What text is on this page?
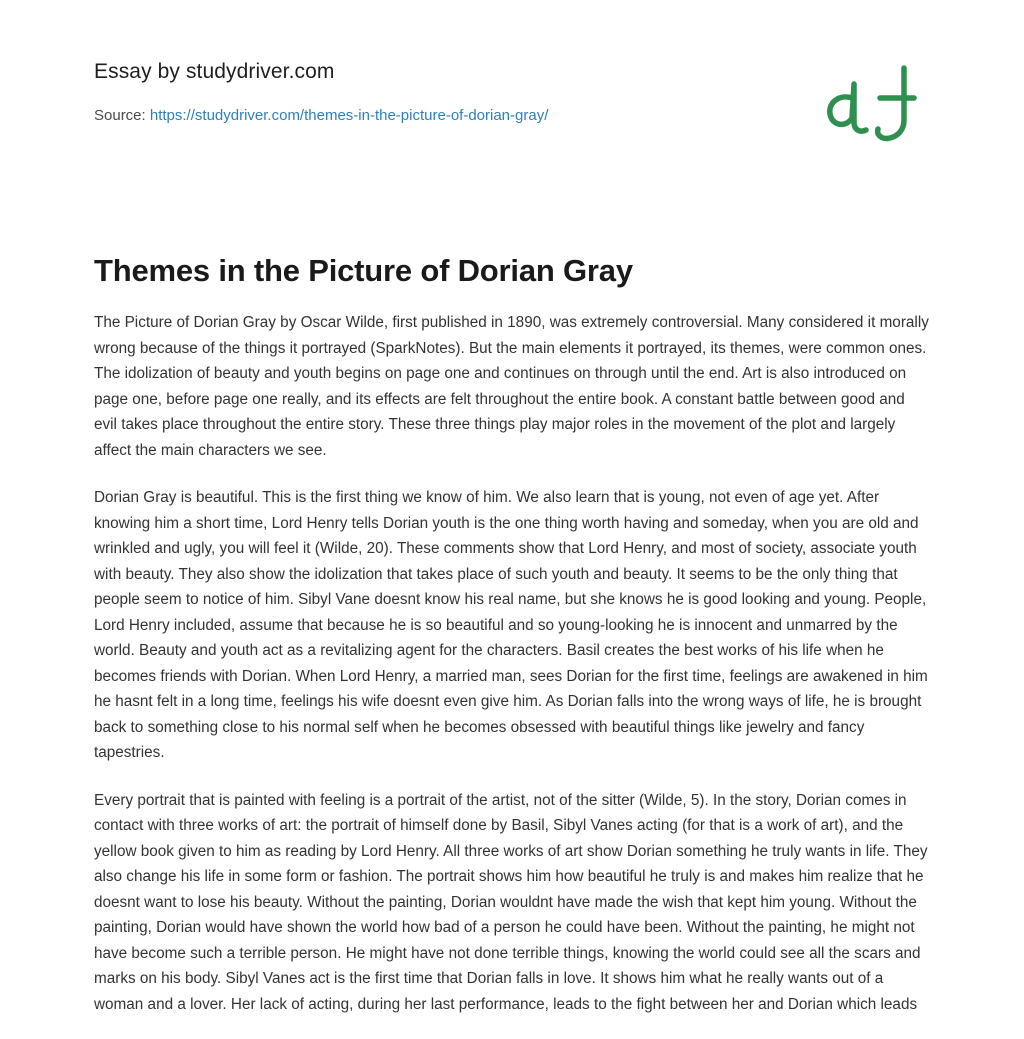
Essay by studydriver.com
Source: https://studydriver.com/themes-in-the-picture-of-dorian-gray/
Themes in the Picture of Dorian Gray

The Picture of Dorian Gray by Oscar Wilde, first published in 1890, was extremely controversial. Many considered it morally wrong because of the things it portrayed (SparkNotes). But the main elements it portrayed, its themes, were common ones. The idolization of beauty and youth begins on page one and continues on through until the end. Art is also introduced on page one, before page one really, and its effects are felt throughout the entire book. A constant battle between good and evil takes place throughout the entire story. These three things play major roles in the movement of the plot and largely affect the main characters we see.

Dorian Gray is beautiful. This is the first thing we know of him. We also learn that is young, not even of age yet. After knowing him a short time, Lord Henry tells Dorian youth is the one thing worth having and someday, when you are old and wrinkled and ugly, you will feel it (Wilde, 20). These comments show that Lord Henry, and most of society, associate youth with beauty. They also show the idolization that takes place of such youth and beauty. It seems to be the only thing that people seem to notice of him. Sibyl Vane doesnt know his real name, but she knows he is good looking and young. People, Lord Henry included, assume that because he is so beautiful and so young-looking he is innocent and unmarred by the world. Beauty and youth act as a revitalizing agent for the characters. Basil creates the best works of his life when he becomes friends with Dorian. When Lord Henry, a married man, sees Dorian for the first time, feelings are awakened in him he hasnt felt in a long time, feelings his wife doesnt even give him. As Dorian falls into the wrong ways of life, he is brought back to something close to his normal self when he becomes obsessed with beautiful things like jewelry and fancy tapestries.

Every portrait that is painted with feeling is a portrait of the artist, not of the sitter (Wilde, 5). In the story, Dorian comes in contact with three works of art: the portrait of himself done by Basil, Sibyl Vanes acting (for that is a work of art), and the yellow book given to him as reading by Lord Henry. All three works of art show Dorian something he truly wants in life. They also change his life in some form or fashion. The portrait shows him how beautiful he truly is and makes him realize that he doesnt want to lose his beauty. Without the painting, Dorian wouldnt have made the wish that kept him young. Without the painting, Dorian would have shown the world how bad of a person he could have been. Without the painting, he might not have become such a terrible person. He might have not done terrible things, knowing the world could see all the scars and marks on his body. Sibyl Vanes act is the first time that Dorian falls in love. It shows him what he really wants out of a woman and a lover. Her lack of acting, during her last performance, leads to the fight between her and Dorian which leads
